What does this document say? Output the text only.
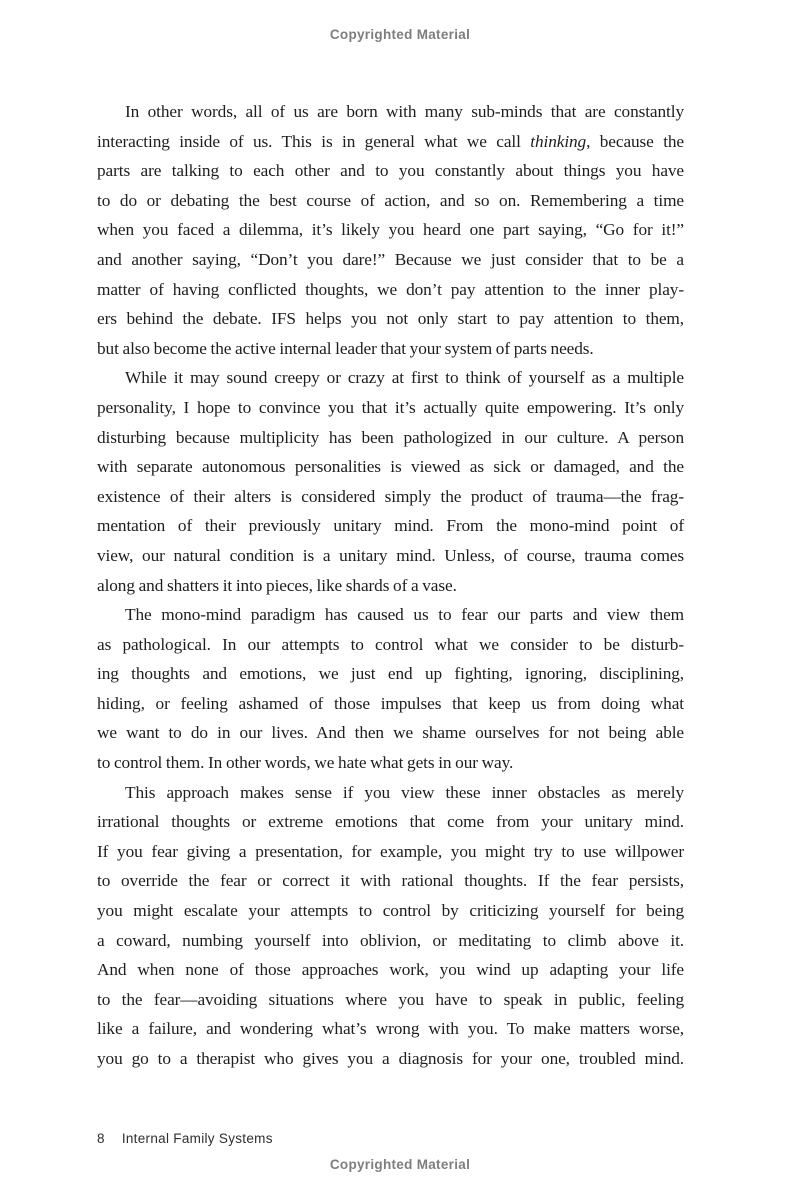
Copyrighted Material
In other words, all of us are born with many sub-minds that are constantly
interacting inside of us. This is in general what we call thinking, because the
parts are talking to each other and to you constantly about things you have
to do or debating the best course of action, and so on. Remembering a time
when you faced a dilemma, it’s likely you heard one part saying, “Go for it!”
and another saying, “Don’t you dare!” Because we just consider that to be a
matter of having conflicted thoughts, we don’t pay attention to the inner play-
ers behind the debate. IFS helps you not only start to pay attention to them,
but also become the active internal leader that your system of parts needs.
While it may sound creepy or crazy at first to think of yourself as a multiple
personality, I hope to convince you that it’s actually quite empowering. It’s only
disturbing because multiplicity has been pathologized in our culture. A person
with separate autonomous personalities is viewed as sick or damaged, and the
existence of their alters is considered simply the product of trauma—the frag-
mentation of their previously unitary mind. From the mono-mind point of
view, our natural condition is a unitary mind. Unless, of course, trauma comes
along and shatters it into pieces, like shards of a vase.
The mono-mind paradigm has caused us to fear our parts and view them
as pathological. In our attempts to control what we consider to be disturb-
ing thoughts and emotions, we just end up fighting, ignoring, disciplining,
hiding, or feeling ashamed of those impulses that keep us from doing what
we want to do in our lives. And then we shame ourselves for not being able
to control them. In other words, we hate what gets in our way.
This approach makes sense if you view these inner obstacles as merely
irrational thoughts or extreme emotions that come from your unitary mind.
If you fear giving a presentation, for example, you might try to use willpower
to override the fear or correct it with rational thoughts. If the fear persists,
you might escalate your attempts to control by criticizing yourself for being
a coward, numbing yourself into oblivion, or meditating to climb above it.
And when none of those approaches work, you wind up adapting your life
to the fear—avoiding situations where you have to speak in public, feeling
like a failure, and wondering what’s wrong with you. To make matters worse,
you go to a therapist who gives you a diagnosis for your one, troubled mind.
8 Internal Family Systems
Copyrighted Material
